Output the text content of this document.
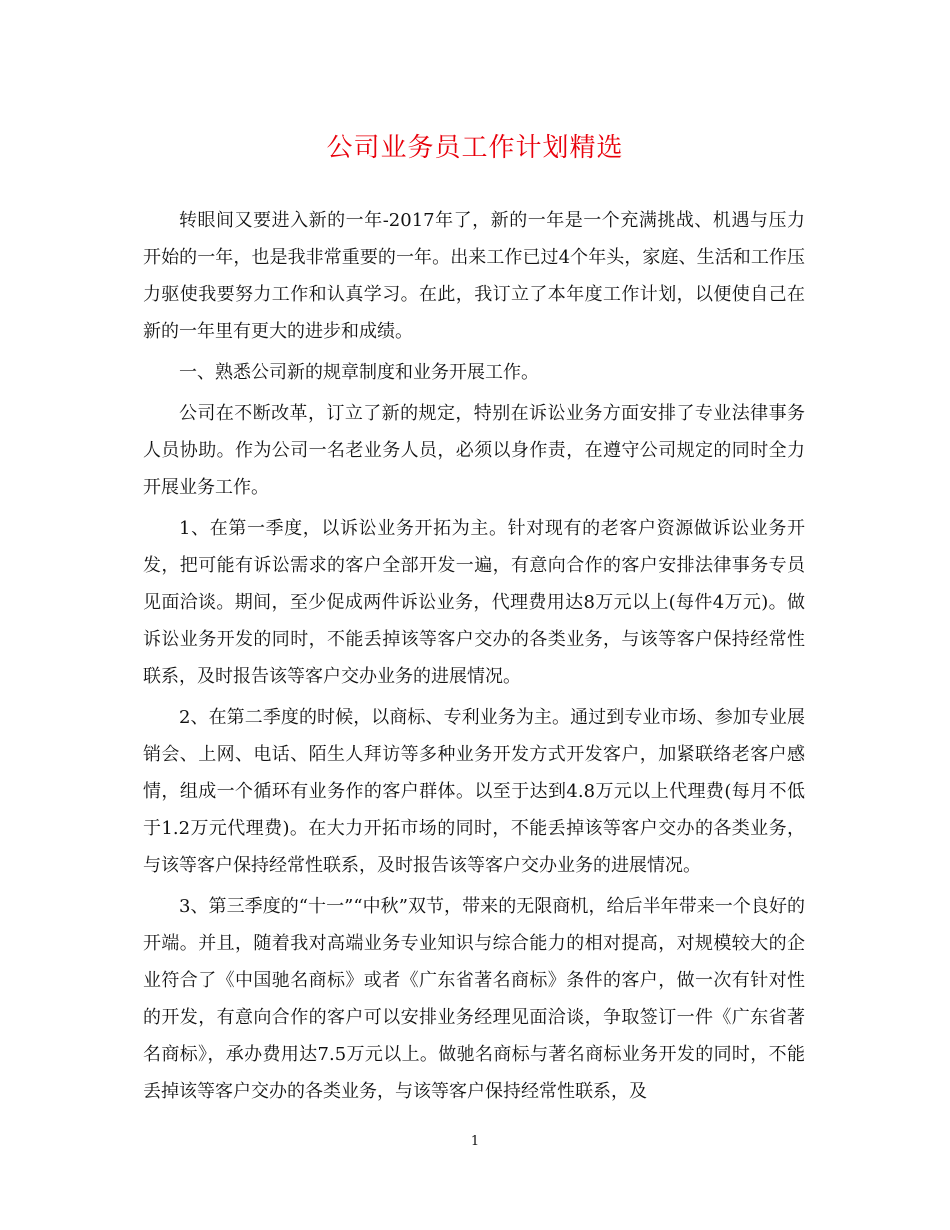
公司业务员工作计划精选

转眼间又要进入新的一年-2017年了，新的一年是一个充满挑战、机遇与压力开始的一年，也是我非常重要的一年。出来工作已过4个年头，家庭、生活和工作压力驱使我要努力工作和认真学习。在此，我订立了本年度工作计划，以便使自己在新的一年里有更大的进步和成绩。

一、熟悉公司新的规章制度和业务开展工作。

公司在不断改革，订立了新的规定，特别在诉讼业务方面安排了专业法律事务人员协助。作为公司一名老业务人员，必须以身作责，在遵守公司规定的同时全力开展业务工作。

1、在第一季度，以诉讼业务开拓为主。针对现有的老客户资源做诉讼业务开发，把可能有诉讼需求的客户全部开发一遍，有意向合作的客户安排法律事务专员见面洽谈。期间，至少促成两件诉讼业务，代理费用达8万元以上(每件4万元)。做诉讼业务开发的同时，不能丢掉该等客户交办的各类业务，与该等客户保持经常性联系，及时报告该等客户交办业务的进展情况。

2、在第二季度的时候，以商标、专利业务为主。通过到专业市场、参加专业展销会、上网、电话、陌生人拜访等多种业务开发方式开发客户，加紧联络老客户感情，组成一个循环有业务作的客户群体。以至于达到4.8万元以上代理费(每月不低于1.2万元代理费)。在大力开拓市场的同时，不能丢掉该等客户交办的各类业务，与该等客户保持经常性联系，及时报告该等客户交办业务的进展情况。

3、第三季度的“十一”“中秋”双节，带来的无限商机，给后半年带来一个良好的开端。并且，随着我对高端业务专业知识与综合能力的相对提高，对规模较大的企业符合了《中国驰名商标》或者《广东省著名商标》条件的客户，做一次有针对性的开发，有意向合作的客户可以安排业务经理见面洽谈，争取签订一件《广东省著名商标》，承办费用达7.5万元以上。做驰名商标与著名商标业务开发的同时，不能丢掉该等客户交办的各类业务，与该等客户保持经常性联系，及

1
